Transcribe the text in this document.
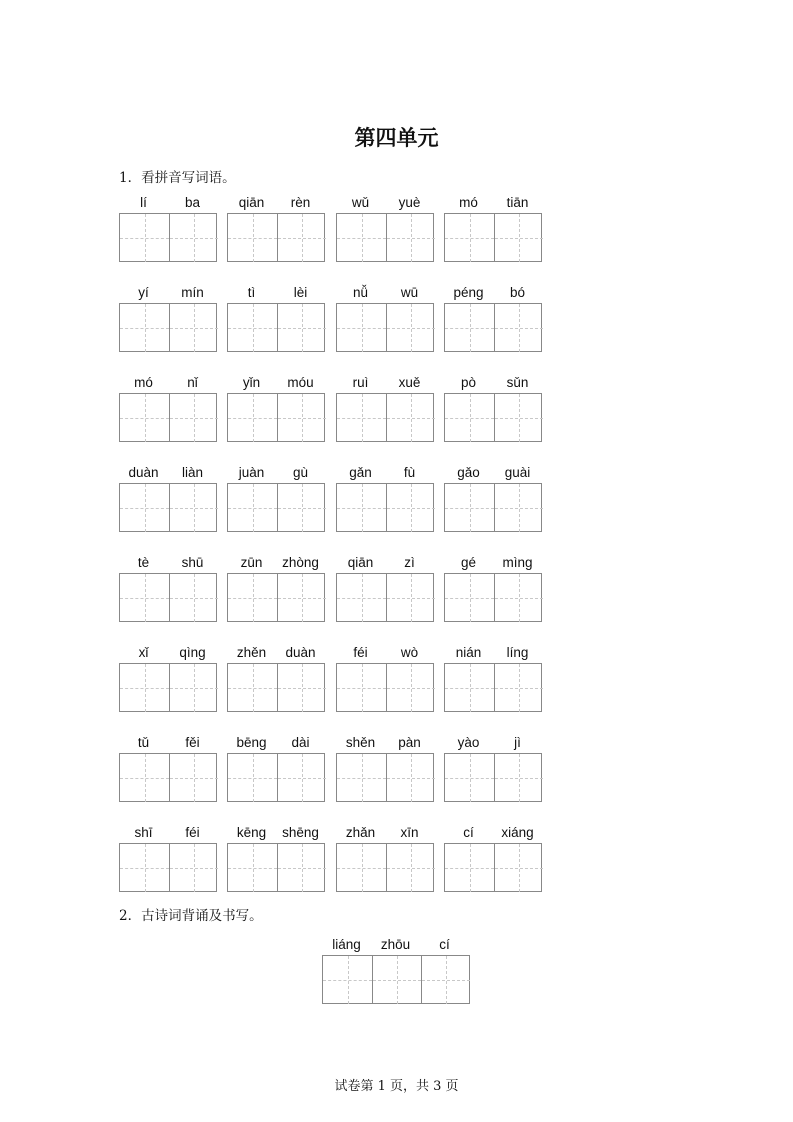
第四单元
1．看拼音写词语。
lí	ba	qiān	rèn	wǔ	yuè	mó	tiān
yí	mín	tì	lèi	nǚ	wū	péng	bó
mó	nǐ	yǐn	móu	ruì	xuě	pò	sǔn
duàn	liàn	juàn	gù	gǎn	fù	gǎo	guài
tè	shū	zūn	zhòng	qiān	zì	gé	mìng
xǐ	qìng	zhěn	duàn	féi	wò	nián	líng
tǔ	fěi	bēng	dài	shěn	pàn	yào	jì
shī	féi	kēng	shēng	zhǎn	xīn	cí	xiáng
2．古诗词背诵及书写。
liáng	zhōu	cí
试卷第 1 页，共 3 页
